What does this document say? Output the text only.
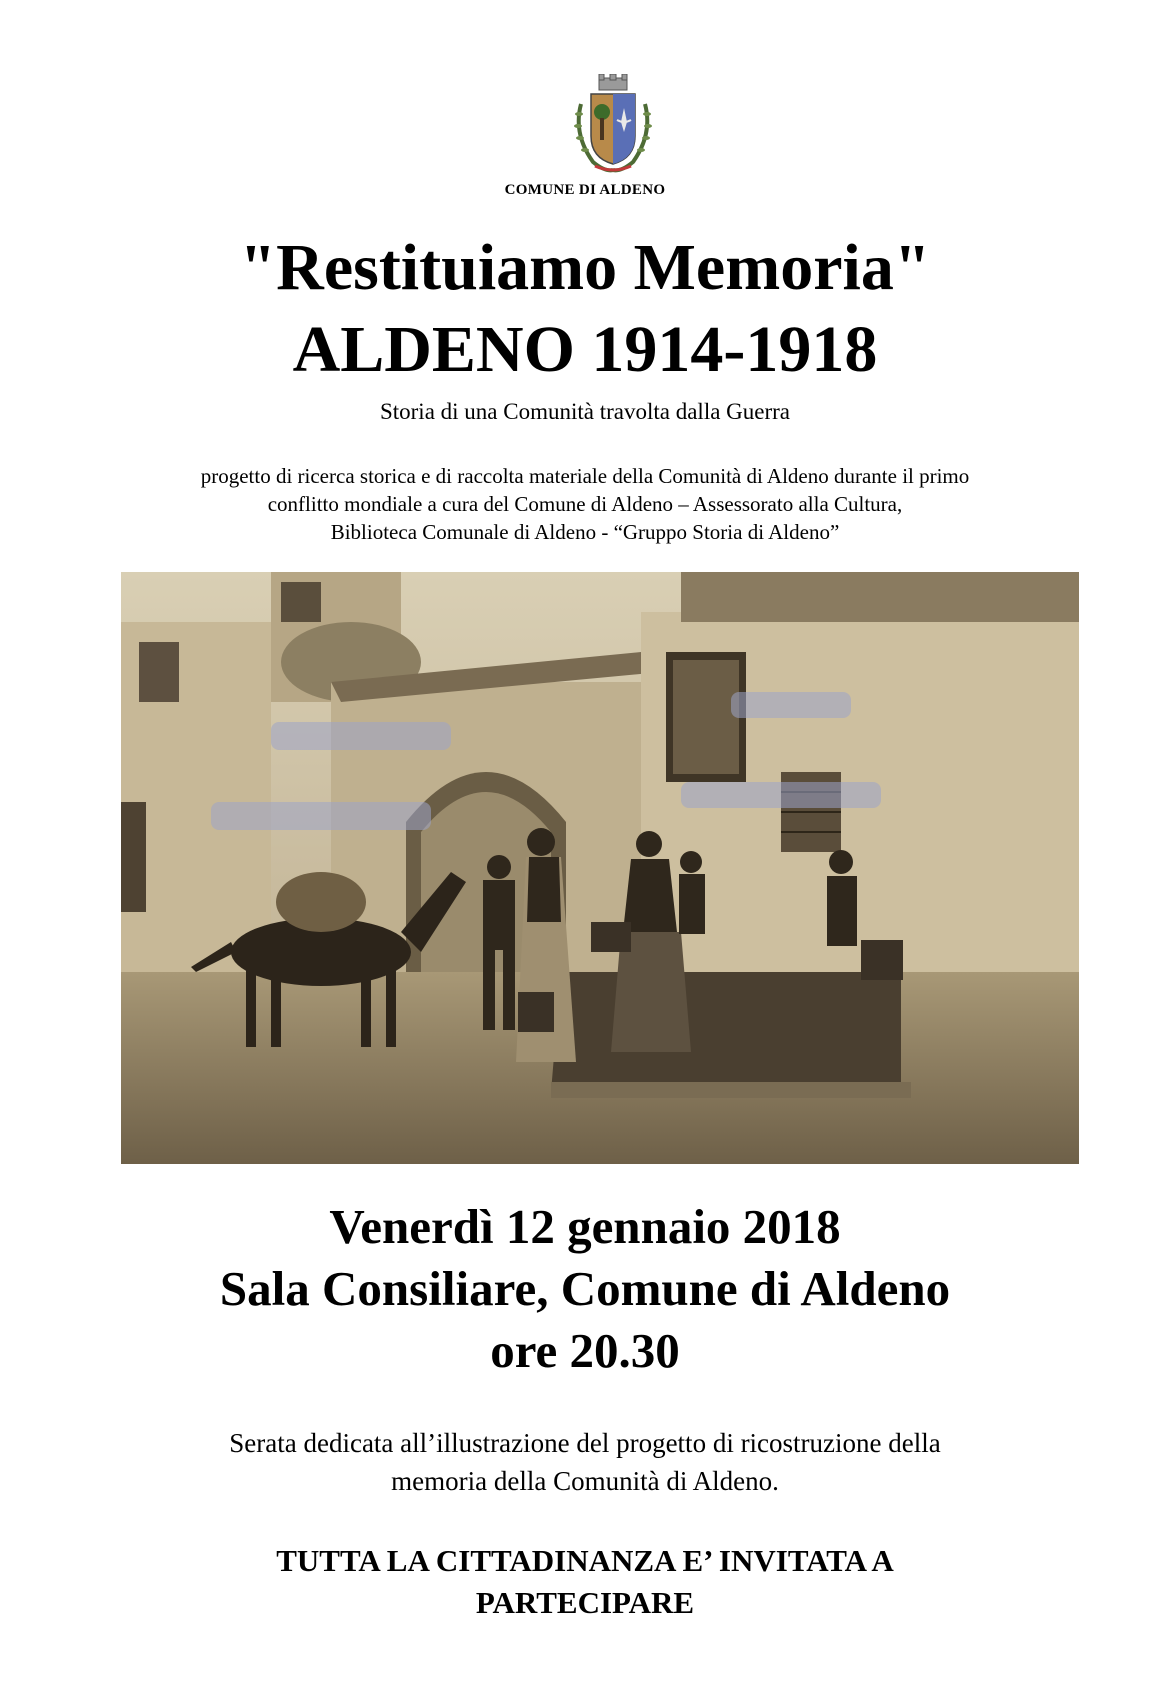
COMUNE DI ALDENO
"Restituiamo Memoria"
ALDENO 1914-1918
Storia di una Comunità travolta dalla Guerra
progetto di ricerca storica e di raccolta materiale della Comunità di Aldeno durante il primo
conflitto mondiale a cura del Comune di Aldeno – Assessorato alla Cultura,
Biblioteca Comunale di Aldeno - “Gruppo Storia di Aldeno”
Venerdì 12 gennaio 2018
Sala Consiliare, Comune di Aldeno
ore 20.30
Serata dedicata all’illustrazione del progetto di ricostruzione della
memoria della Comunità di Aldeno.
TUTTA LA CITTADINANZA E’ INVITATA A
PARTECIPARE
